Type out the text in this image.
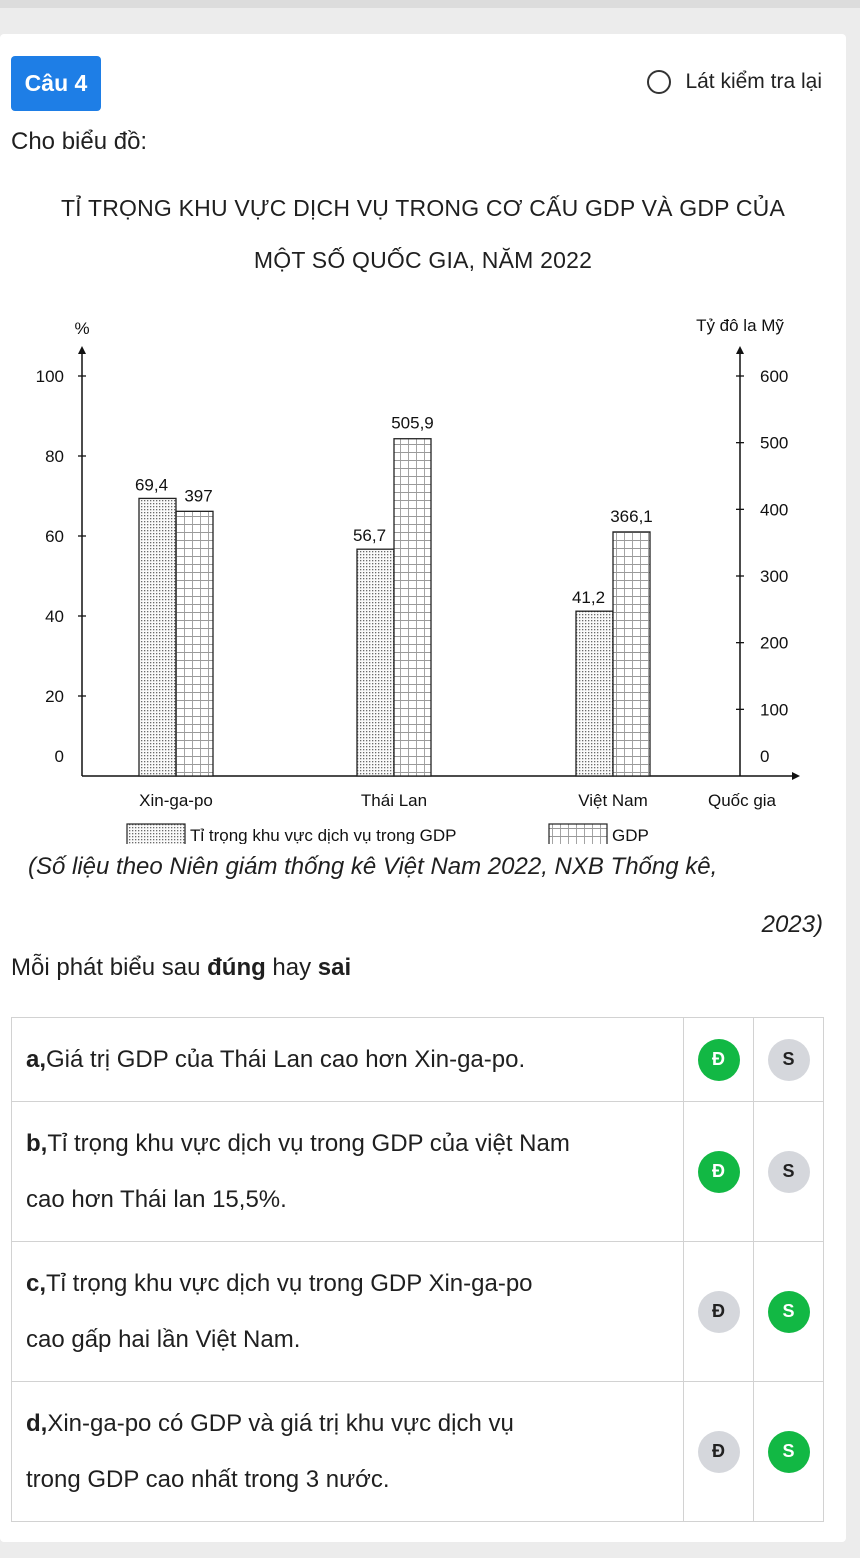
Câu 4	Lát kiểm tra lại
Cho biểu đồ:
TỈ TRỌNG KHU VỰC DỊCH VỤ TRONG CƠ CẤU GDP VÀ GDP CỦA
MỘT SỐ QUỐC GIA, NĂM 2022
%
0
20
40
60
80
100
Tỷ đô la Mỹ
0
100
200
300
400
500
600
Quốc gia
69,4
397
Xin-ga-po
56,7
505,9
Thái Lan
41,2
366,1
Việt Nam
Tỉ trọng khu vực dịch vụ trong GDP	GDP
(Số liệu theo Niên giám thống kê Việt Nam 2022, NXB Thống kê,
2023)
Mỗi phát biểu sau đúng hay sai
a,Giá trị GDP của Thái Lan cao hơn Xin-ga-po.	Đ	S

b,Tỉ trọng khu vực dịch vụ trong GDP của việt Nam
cao hơn Thái lan 15,5%.	Đ	S

c,Tỉ trọng khu vực dịch vụ trong GDP Xin-ga-po
cao gấp hai lần Việt Nam.	Đ	S

d,Xin-ga-po có GDP và giá trị khu vực dịch vụ
trong GDP cao nhất trong 3 nước.	Đ	S
